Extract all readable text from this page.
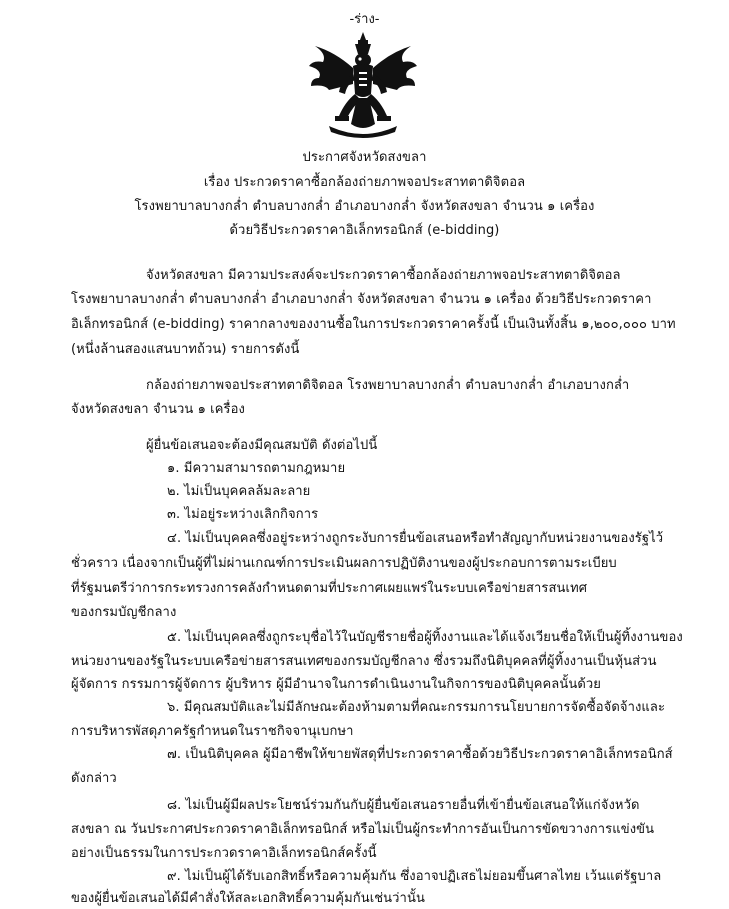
-ร่าง-
ประกาศจังหวัดสงขลา
เรื่อง ประกวดราคาซื้อกล้องถ่ายภาพจอประสาทตาดิจิตอล
โรงพยาบาลบางกล่ำ ตำบลบางกล่ำ อำเภอบางกล่ำ จังหวัดสงขลา จำนวน ๑ เครื่อง
ด้วยวิธีประกวดราคาอิเล็กทรอนิกส์ (e-bidding)
จังหวัดสงขลา มีความประสงค์จะประกวดราคาซื้อกล้องถ่ายภาพจอประสาทตาดิจิตอล
โรงพยาบาลบางกล่ำ ตำบลบางกล่ำ อำเภอบางกล่ำ จังหวัดสงขลา จำนวน ๑ เครื่อง ด้วยวิธีประกวดราคา
อิเล็กทรอนิกส์ (e-bidding) ราคากลางของงานซื้อในการประกวดราคาครั้งนี้ เป็นเงินทั้งสิ้น ๑,๒๐๐,๐๐๐ บาท
(หนึ่งล้านสองแสนบาทถ้วน) รายการดังนี้
กล้องถ่ายภาพจอประสาทตาดิจิตอล โรงพยาบาลบางกล่ำ ตำบลบางกล่ำ อำเภอบางกล่ำ
จังหวัดสงขลา จำนวน ๑ เครื่อง
ผู้ยื่นข้อเสนอจะต้องมีคุณสมบัติ ดังต่อไปนี้
๑. มีความสามารถตามกฎหมาย
๒. ไม่เป็นบุคคลล้มละลาย
๓. ไม่อยู่ระหว่างเลิกกิจการ
๔. ไม่เป็นบุคคลซึ่งอยู่ระหว่างถูกระงับการยื่นข้อเสนอหรือทำสัญญากับหน่วยงานของรัฐไว้
ชั่วคราว เนื่องจากเป็นผู้ที่ไม่ผ่านเกณฑ์การประเมินผลการปฏิบัติงานของผู้ประกอบการตามระเบียบ
ที่รัฐมนตรีว่าการกระทรวงการคลังกำหนดตามที่ประกาศเผยแพร่ในระบบเครือข่ายสารสนเทศ
ของกรมบัญชีกลาง
๕. ไม่เป็นบุคคลซึ่งถูกระบุชื่อไว้ในบัญชีรายชื่อผู้ทิ้งงานและได้แจ้งเวียนชื่อให้เป็นผู้ทิ้งงานของ
หน่วยงานของรัฐในระบบเครือข่ายสารสนเทศของกรมบัญชีกลาง ซึ่งรวมถึงนิติบุคคลที่ผู้ทิ้งงานเป็นหุ้นส่วน
ผู้จัดการ กรรมการผู้จัดการ ผู้บริหาร ผู้มีอำนาจในการดำเนินงานในกิจการของนิติบุคคลนั้นด้วย
๖. มีคุณสมบัติและไม่มีลักษณะต้องห้ามตามที่คณะกรรมการนโยบายการจัดซื้อจัดจ้างและ
การบริหารพัสดุภาครัฐกำหนดในราชกิจจานุเบกษา
๗. เป็นนิติบุคคล ผู้มีอาชีพให้ขายพัสดุที่ประกวดราคาซื้อด้วยวิธีประกวดราคาอิเล็กทรอนิกส์
ดังกล่าว
๘. ไม่เป็นผู้มีผลประโยชน์ร่วมกันกับผู้ยื่นข้อเสนอรายอื่นที่เข้ายื่นข้อเสนอให้แก่จังหวัด
สงขลา ณ วันประกาศประกวดราคาอิเล็กทรอนิกส์ หรือไม่เป็นผู้กระทำการอันเป็นการขัดขวางการแข่งขัน
อย่างเป็นธรรมในการประกวดราคาอิเล็กทรอนิกส์ครั้งนี้
๙. ไม่เป็นผู้ได้รับเอกสิทธิ์หรือความคุ้มกัน ซึ่งอาจปฏิเสธไม่ยอมขึ้นศาลไทย เว้นแต่รัฐบาล
ของผู้ยื่นข้อเสนอได้มีคำสั่งให้สละเอกสิทธิ์ความคุ้มกันเช่นว่านั้น
